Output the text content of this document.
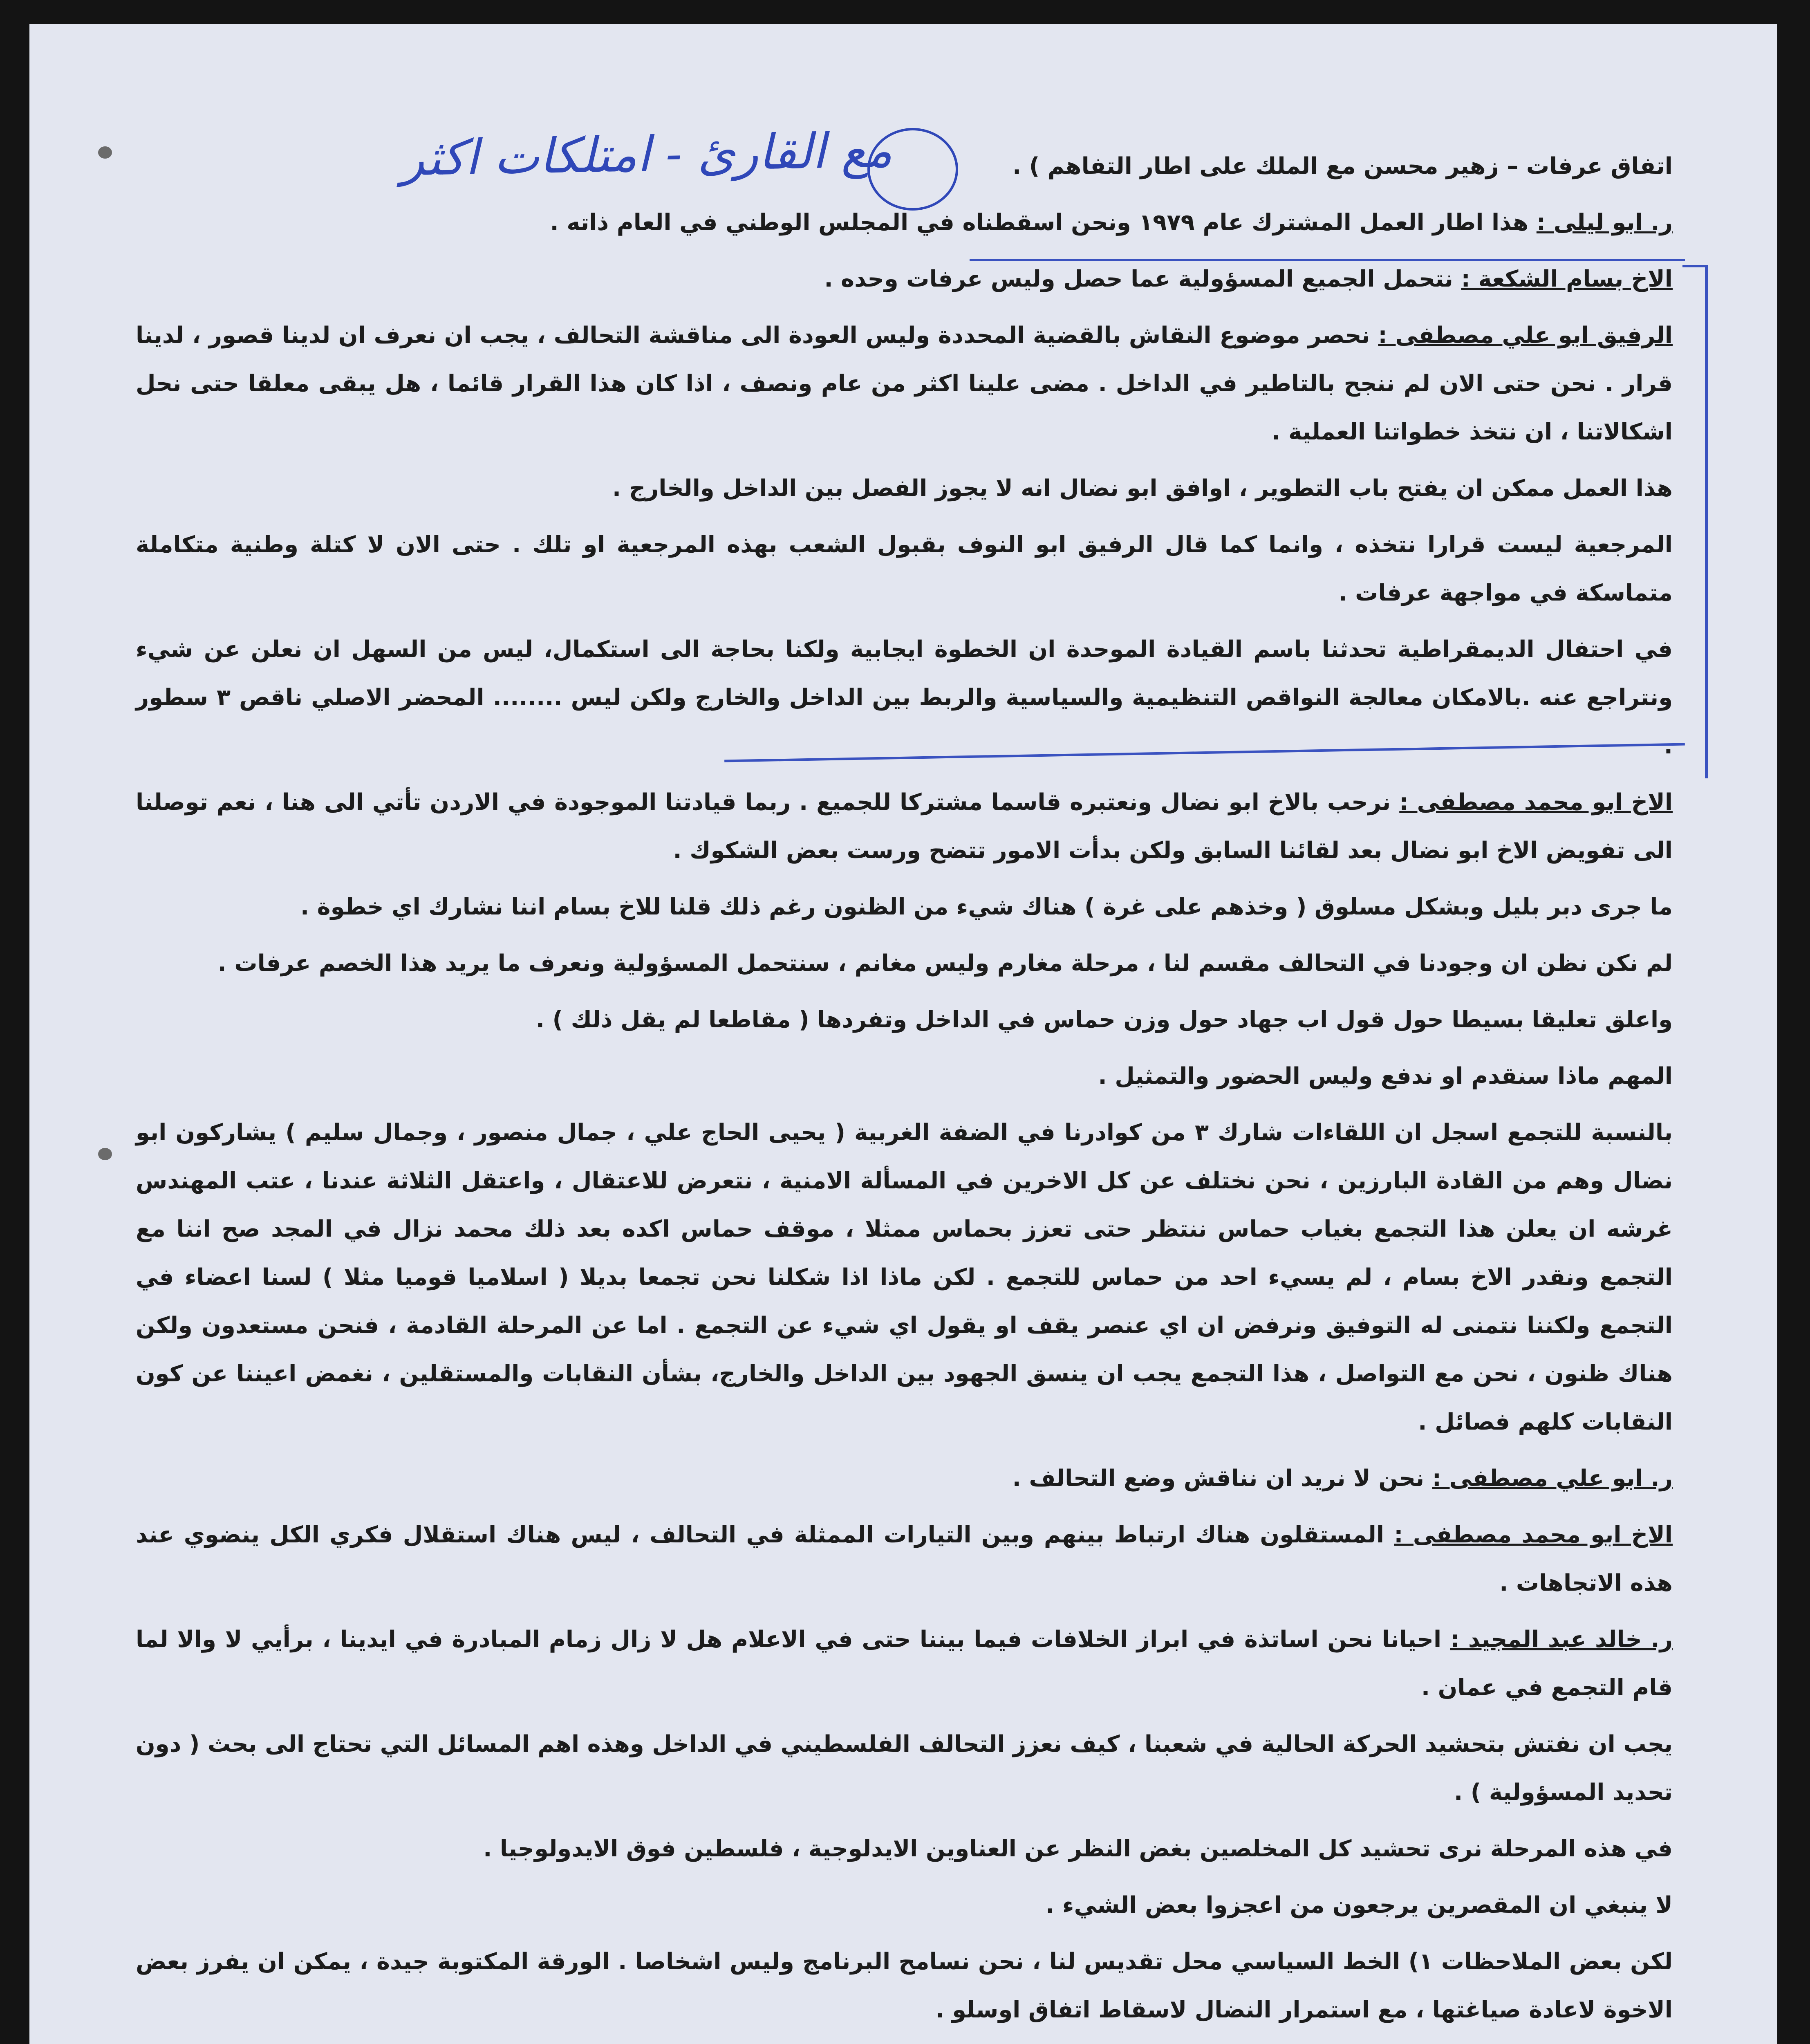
مع القارئ - امتلكات اكثر	اتفاق عرفات – زهير محسن مع الملك على اطار التفاهم ) .

ر. ابو ليلى : هذا اطار العمل المشترك عام ١٩٧٩ ونحن اسقطناه في المجلس الوطني في العام ذاته .

الاخ بسام الشكعة : نتحمل الجميع المسؤولية عما حصل وليس عرفات وحده .

الرفيق ابو علي مصطفى : نحصر موضوع النقاش بالقضية المحددة وليس العودة الى مناقشة التحالف ، يجب ان نعرف ان لدينا قصور ، لدينا قرار . نحن حتى الان لم ننجح بالتاطير في الداخل . مضى علينا اكثر من عام ونصف ، اذا كان هذا القرار قائما ، هل يبقى معلقا حتى نحل اشكالاتنا ، ان نتخذ خطواتنا العملية .

هذا العمل ممكن ان يفتح باب التطوير ، اوافق ابو نضال انه لا يجوز الفصل بين الداخل والخارج .

المرجعية ليست قرارا نتخذه ، وانما كما قال الرفيق ابو النوف بقبول الشعب بهذه المرجعية او تلك . حتى الان لا كتلة وطنية متكاملة متماسكة في مواجهة عرفات .

في احتفال الديمقراطية تحدثنا باسم القيادة الموحدة ان الخطوة ايجابية ولكنا بحاجة الى استكمال، ليس من السهل ان نعلن عن شيء ونتراجع عنه .بالامكان معالجة النواقص التنظيمية والسياسية والربط بين الداخل والخارج ولكن ليس ........ المحضر الاصلي ناقص ٣ سطور .

الاخ ابو محمد مصطفى : نرحب بالاخ ابو نضال ونعتبره قاسما مشتركا للجميع . ربما قيادتنا الموجودة في الاردن تأتي الى هنا ، نعم توصلنا الى تفويض الاخ ابو نضال بعد لقائنا السابق ولكن بدأت الامور تتضح ورست بعض الشكوك .

ما جرى دبر بليل وبشكل مسلوق ( وخذهم على غرة ) هناك شيء من الظنون رغم ذلك قلنا للاخ بسام اننا نشارك اي خطوة .

لم نكن نظن ان وجودنا في التحالف مقسم لنا ، مرحلة مغارم وليس مغانم ، سنتحمل المسؤولية ونعرف ما يريد هذا الخصم عرفات .

واعلق تعليقا بسيطا حول قول اب جهاد حول وزن حماس في الداخل وتفردها ( مقاطعا لم يقل ذلك ) .

المهم ماذا سنقدم او ندفع وليس الحضور والتمثيل .

بالنسبة للتجمع اسجل ان اللقاءات شارك ٣ من كوادرنا في الضفة الغربية ( يحيى الحاج علي ، جمال منصور ، وجمال سليم ) يشاركون ابو نضال وهم من القادة البارزين ، نحن نختلف عن كل الاخرين في المسألة الامنية ، نتعرض للاعتقال ، واعتقل الثلاثة عندنا ، عتب المهندس غرشه ان يعلن هذا التجمع بغياب حماس ننتظر حتى تعزز بحماس ممثلا ، موقف حماس اكده بعد ذلك محمد نزال في المجد صح اننا مع التجمع ونقدر الاخ بسام ، لم يسيء احد من حماس للتجمع . لكن ماذا اذا شكلنا نحن تجمعا بديلا ( اسلاميا قوميا مثلا ) لسنا اعضاء في التجمع ولكننا نتمنى له التوفيق ونرفض ان اي عنصر يقف او يقول اي شيء عن التجمع . اما عن المرحلة القادمة ، فنحن مستعدون ولكن هناك ظنون ، نحن مع التواصل ، هذا التجمع يجب ان ينسق الجهود بين الداخل والخارج، بشأن النقابات والمستقلين ، نغمض اعيننا عن كون النقابات كلهم فصائل .

ر. ابو علي مصطفى : نحن لا نريد ان نناقش وضع التحالف .

الاخ ابو محمد مصطفى : المستقلون هناك ارتباط بينهم وبين التيارات الممثلة في التحالف ، ليس هناك استقلال فكري الكل ينضوي عند هذه الاتجاهات .

ر. خالد عبد المجيد : احيانا نحن اساتذة في ابراز الخلافات فيما بيننا حتى في الاعلام هل لا زال زمام المبادرة في ايدينا ، برأيي لا والا لما قام التجمع في عمان .

يجب ان نفتش بتحشيد الحركة الحالية في شعبنا ، كيف نعزز التحالف الفلسطيني في الداخل وهذه اهم المسائل التي تحتاج الى بحث ( دون تحديد المسؤولية ) .

في هذه المرحلة نرى تحشيد كل المخلصين بغض النظر عن العناوين الايدلوجية ، فلسطين فوق الايدولوجيا .

لا ينبغي ان المقصرين يرجعون من اعجزوا بعض الشيء .

لكن بعض الملاحظات ١) الخط السياسي محل تقديس لنا ، نحن نسامح البرنامج وليس اشخاصا . الورقة المكتوبة جيدة ، يمكن ان يفرز بعض الاخوة لاعادة صياغتها ، مع استمرار النضال لاسقاط اتفاق اوسلو .
